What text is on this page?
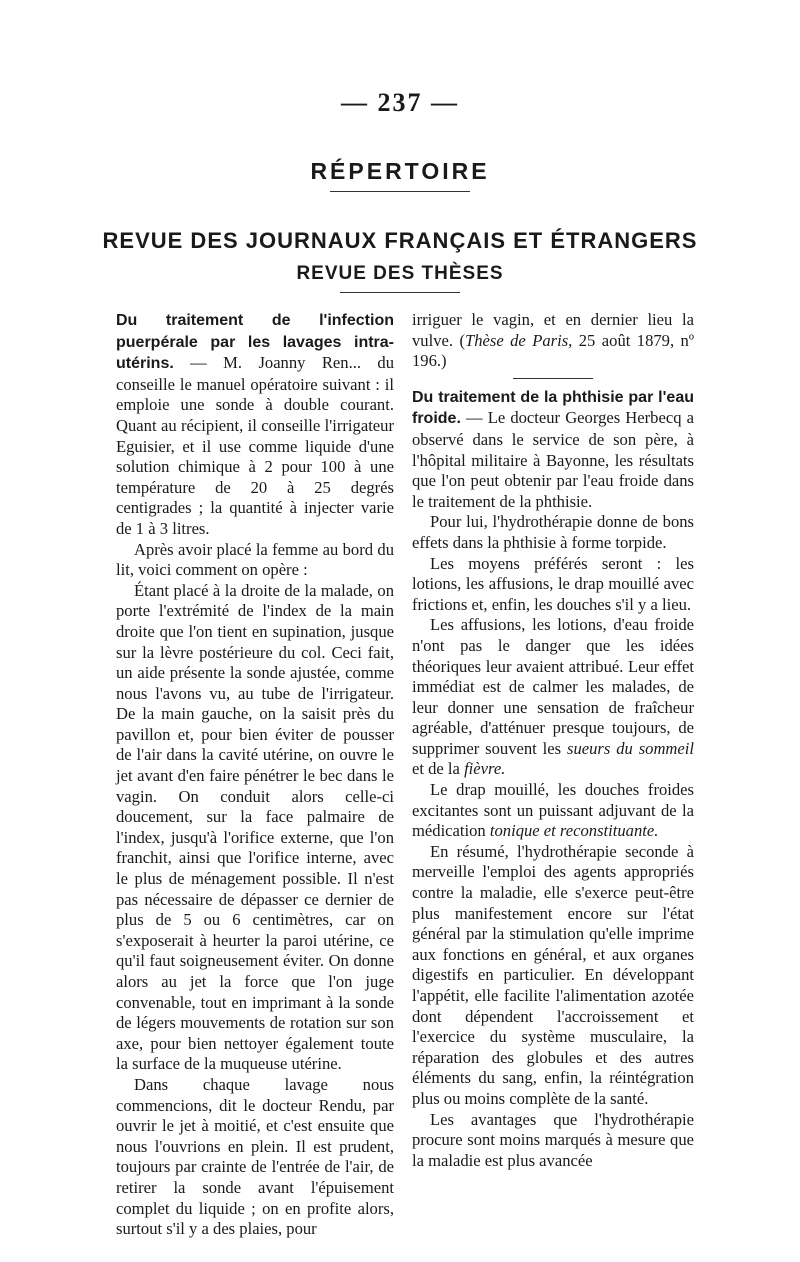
— 237 —
RÉPERTOIRE
REVUE DES JOURNAUX FRANÇAIS ET ÉTRANGERS
REVUE DES THÈSES

Du traitement de l'infection puerpérale par les lavages intra-utérins. — M. Joanny Ren... du conseille le manuel opératoire suivant : il emploie une sonde à double courant. Quant au récipient, il conseille l'irrigateur Eguisier, et il use comme liquide d'une solution chimique à 2 pour 100 à une température de 20 à 25 degrés centigrades ; la quantité à injecter varie de 1 à 3 litres.

Après avoir placé la femme au bord du lit, voici comment on opère :

Étant placé à la droite de la malade, on porte l'extrémité de l'index de la main droite que l'on tient en supination, jusque sur la lèvre postérieure du col. Ceci fait, un aide présente la sonde ajustée, comme nous l'avons vu, au tube de l'irrigateur. De la main gauche, on la saisit près du pavillon et, pour bien éviter de pousser de l'air dans la cavité utérine, on ouvre le jet avant d'en faire pénétrer le bec dans le vagin. On conduit alors celle-ci doucement, sur la face palmaire de l'index, jusqu'à l'orifice externe, que l'on franchit, ainsi que l'orifice interne, avec le plus de ménagement possible. Il n'est pas nécessaire de dépasser ce dernier de plus de 5 ou 6 centimètres, car on s'exposerait à heurter la paroi utérine, ce qu'il faut soigneusement éviter. On donne alors au jet la force que l'on juge convenable, tout en imprimant à la sonde de légers mouvements de rotation sur son axe, pour bien nettoyer également toute la surface de la muqueuse utérine.

Dans chaque lavage nous commencions, dit le docteur Rendu, par ouvrir le jet à moitié, et c'est ensuite que nous l'ouvrions en plein. Il est prudent, toujours par crainte de l'entrée de l'air, de retirer la sonde avant l'épuisement complet du liquide ; on en profite alors, surtout s'il y a des plaies, pour

irriguer le vagin, et en dernier lieu la vulve. (Thèse de Paris, 25 août 1879, nº 196.)

Du traitement de la phthisie par l'eau froide. — Le docteur Georges Herbecq a observé dans le service de son père, à l'hôpital militaire à Bayonne, les résultats que l'on peut obtenir par l'eau froide dans le traitement de la phthisie.

Pour lui, l'hydrothérapie donne de bons effets dans la phthisie à forme torpide.

Les moyens préférés seront : les lotions, les affusions, le drap mouillé avec frictions et, enfin, les douches s'il y a lieu.

Les affusions, les lotions, d'eau froide n'ont pas le danger que les idées théoriques leur avaient attribué. Leur effet immédiat est de calmer les malades, de leur donner une sensation de fraîcheur agréable, d'atténuer presque toujours, de supprimer souvent les sueurs du sommeil et de la fièvre.

Le drap mouillé, les douches froides excitantes sont un puissant adjuvant de la médication tonique et reconstituante.

En résumé, l'hydrothérapie seconde à merveille l'emploi des agents appropriés contre la maladie, elle s'exerce peut-être plus manifestement encore sur l'état général par la stimulation qu'elle imprime aux fonctions en général, et aux organes digestifs en particulier. En développant l'appétit, elle facilite l'alimentation azotée dont dépendent l'accroissement et l'exercice du système musculaire, la réparation des globules et des autres éléments du sang, enfin, la réintégration plus ou moins complète de la santé.

Les avantages que l'hydrothérapie procure sont moins marqués à mesure que la maladie est plus avancée
